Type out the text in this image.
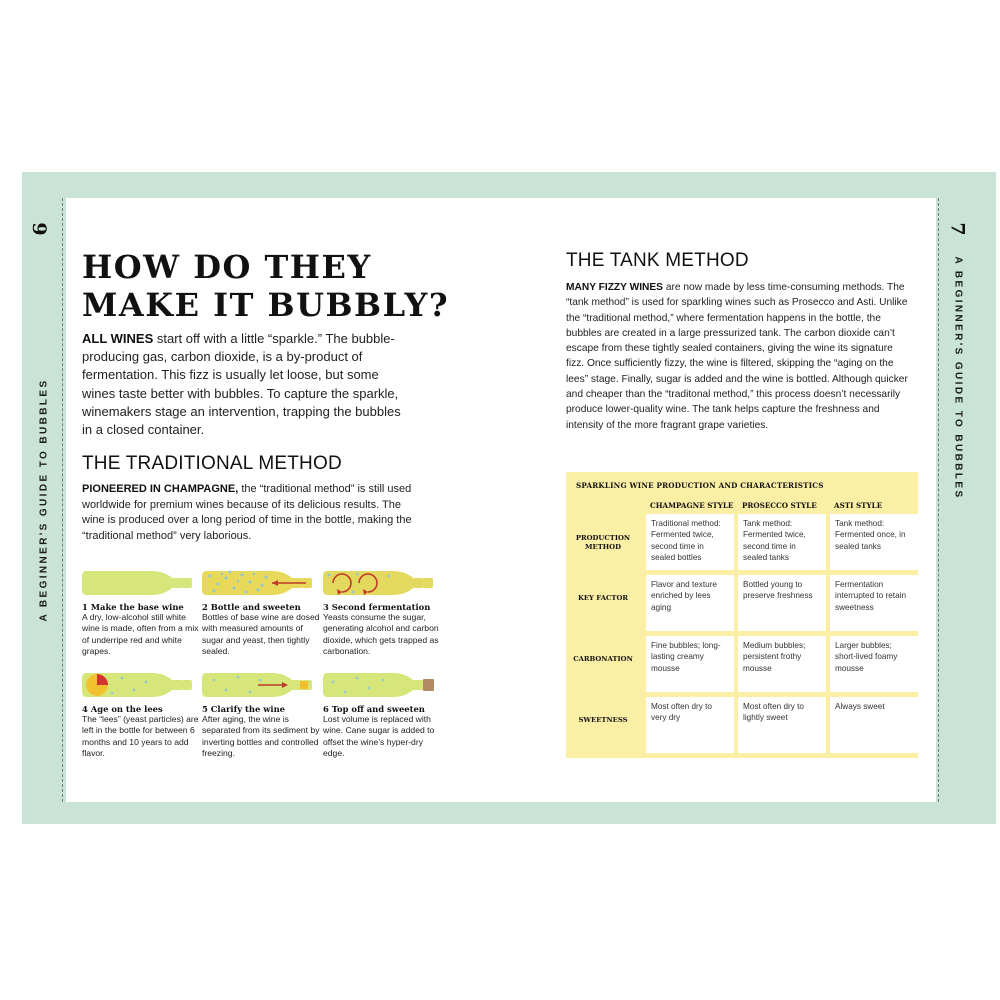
6
A BEGINNER'S GUIDE TO BUBBLES
7
A BEGINNER'S GUIDE TO BUBBLES
HOW DO THEY
MAKE IT BUBBLY?
ALL WINES start off with a little “sparkle.” The bubble-producing gas, carbon dioxide, is a by-product of fermentation. This fizz is usually let loose, but some wines taste better with bubbles. To capture the sparkle, winemakers stage an intervention, trapping the bubbles in a closed container.
THE TRADITIONAL METHOD
PIONEERED IN CHAMPAGNE, the “traditional method” is still used worldwide for premium wines because of its delicious results. The wine is produced over a long period of time in the bottle, making the “traditional method” very laborious.
1 Make the base wine
A dry, low-alcohol still white wine is made, often from a mix of underripe red and white grapes.
2 Bottle and sweeten
Bottles of base wine are dosed with measured amounts of sugar and yeast, then tightly sealed.
3 Second fermentation
Yeasts consume the sugar, generating alcohol and carbon dioxide, which gets trapped as carbonation.
4 Age on the lees
The “lees” (yeast particles) are left in the bottle for between 6 months and 10 years to add flavor.
5 Clarify the wine
After aging, the wine is separated from its sediment by inverting bottles and controlled freezing.
6 Top off and sweeten
Lost volume is replaced with wine. Cane sugar is added to offset the wine’s hyper-dry edge.
THE TANK METHOD
MANY FIZZY WINES are now made by less time-consuming methods. The “tank method” is used for sparkling wines such as Prosecco and Asti. Unlike the “traditional method,” where fermentation happens in the bottle, the bubbles are created in a large pressurized tank. The carbon dioxide can’t escape from these tightly sealed containers, giving the wine its signature fizz. Once sufficiently fizzy, the wine is filtered, skipping the “aging on the lees” stage. Finally, sugar is added and the wine is bottled. Although quicker and cheaper than the “traditonal method,” this process doesn’t necessarily produce lower-quality wine. The tank helps capture the freshness and intensity of the more fragrant grape varieties.
SPARKLING WINE PRODUCTION AND CHARACTERISTICS
CHAMPAGNE STYLE PROSECCO STYLE ASTI STYLE
PRODUCTION METHOD
KEY FACTOR
CARBONATION
SWEETNESS
Traditional method: Fermented twice, second time in sealed bottles
Tank method: Fermented twice, second time in sealed tanks
Tank method: Fermented once, in sealed tanks
Flavor and texture enriched by lees aging
Bottled young to preserve freshness
Fermentation interrupted to retain sweetness
Fine bubbles; long-lasting creamy mousse
Medium bubbles; persistent frothy mousse
Larger bubbles; short-lived foamy mousse
Most often dry to very dry
Most often dry to lightly sweet
Always sweet
